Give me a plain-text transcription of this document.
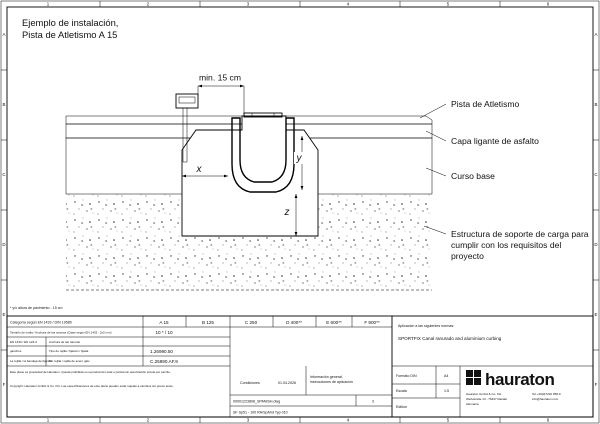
1	2	3	4	5	6
1	2	3	4	5	6
A
B
C
D
E
F
A
B
C
D
E
F
Ejemplo de instalación,
Pista de Atletismo A 15
min. 15 cm
x
y
z
Pista de Atletismo
Capa ligante de asfalto
Curso base
Estructura de soporte de carga para
cumplir con los requisitos del
proyecto
* y/x altura de pavimento - 15 cm
Categoría según EN 1433 / DIN 19580	A 15	B 125	C 250	D 400**	E 600**	F 900**
Tamaño de malla / Anchura de las ranuras (Clase según EN 1433 - 2x2 mm)	10 * / 10
EN 1433 / EN 124-3	Anchura de las ranuras
ganchos	Tipo de rejilla / fijación / fijada	1.26990.50
La rejilla / la bandeja de fijación
Sin rejilla / rejilla de acero galv.	C.25890.AF.9
Este plano es propiedad de Hauraton. Queda prohibida su reproducción total o parcial sin autorización previa por escrito.
Copyright: Hauraton GmbH & Co. KG. Las especificaciones de este plano pueden estar sujetas a cambios sin previo aviso.
Aplicación a las siguientes normas:
SPORTFIX Canal ranurado and aluminium curbing
Condiciones	01.04.2026
Información general,
instrucciones de aplicación
00001223808_SPANISH.dwg	3
SF Sp51 - 100 RA/SpAhd Typ 010
Formato DIN	A4
Escala	1:5
Edition
hauraton
Hauraton GmbH & Co. KG
Werkstraße 13 - 76437 Rastatt
Alemania
Tel +49(0)7222 958-0
info@hauraton.com
